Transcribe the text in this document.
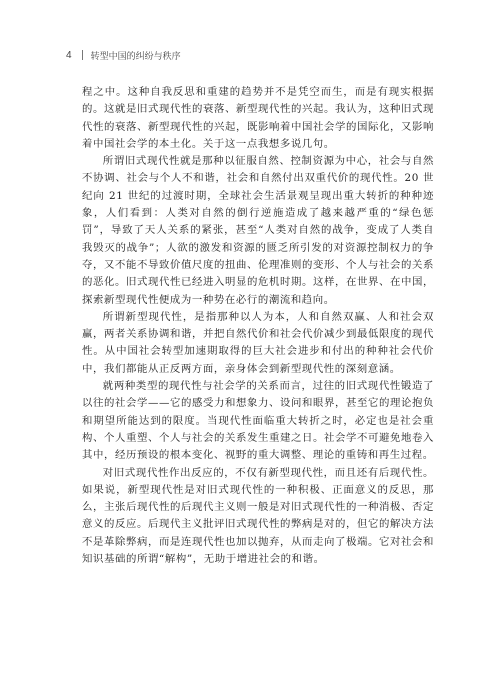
4 转型中国的纠纷与秩序

程之中。这种自我反思和重建的趋势并不是凭空而生，而是有现实根据的。这就是旧式现代性的衰落、新型现代性的兴起。我认为，这种旧式现代性的衰落、新型现代性的兴起，既影响着中国社会学的国际化，又影响着中国社会学的本土化。关于这一点我想多说几句。

所谓旧式现代性就是那种以征服自然、控制资源为中心，社会与自然不协调、社会与个人不和谐，社会和自然付出双重代价的现代性。20 世纪向 21 世纪的过渡时期，全球社会生活景观呈现出重大转折的种种迹象，人们看到：人类对自然的倒行逆施造成了越来越严重的“绿色惩罚”，导致了天人关系的紧张，甚至“人类对自然的战争，变成了人类自我毁灭的战争”；人欲的激发和资源的匮乏所引发的对资源控制权力的争夺，又不能不导致价值尺度的扭曲、伦理准则的变形、个人与社会的关系的恶化。旧式现代性已经进入明显的危机时期。这样，在世界、在中国，探索新型现代性便成为一种势在必行的潮流和趋向。

所谓新型现代性，是指那种以人为本，人和自然双赢、人和社会双赢，两者关系协调和谐，并把自然代价和社会代价减少到最低限度的现代性。从中国社会转型加速期取得的巨大社会进步和付出的种种社会代价中，我们都能从正反两方面，亲身体会到新型现代性的深刻意涵。

就两种类型的现代性与社会学的关系而言，过往的旧式现代性锻造了以往的社会学——它的感受力和想象力、设问和眼界，甚至它的理论抱负和期望所能达到的限度。当现代性面临重大转折之时，必定也是社会重构、个人重塑、个人与社会的关系发生重建之日。社会学不可避免地卷入其中，经历预设的根本变化、视野的重大调整、理论的重铸和再生过程。

对旧式现代性作出反应的，不仅有新型现代性，而且还有后现代性。如果说，新型现代性是对旧式现代性的一种积极、正面意义的反思，那么，主张后现代性的后现代主义则一般是对旧式现代性的一种消极、否定意义的反应。后现代主义批评旧式现代性的弊病是对的，但它的解决方法不是革除弊病，而是连现代性也加以抛弃，从而走向了极端。它对社会和知识基础的所谓“解构”，无助于增进社会的和谐。
